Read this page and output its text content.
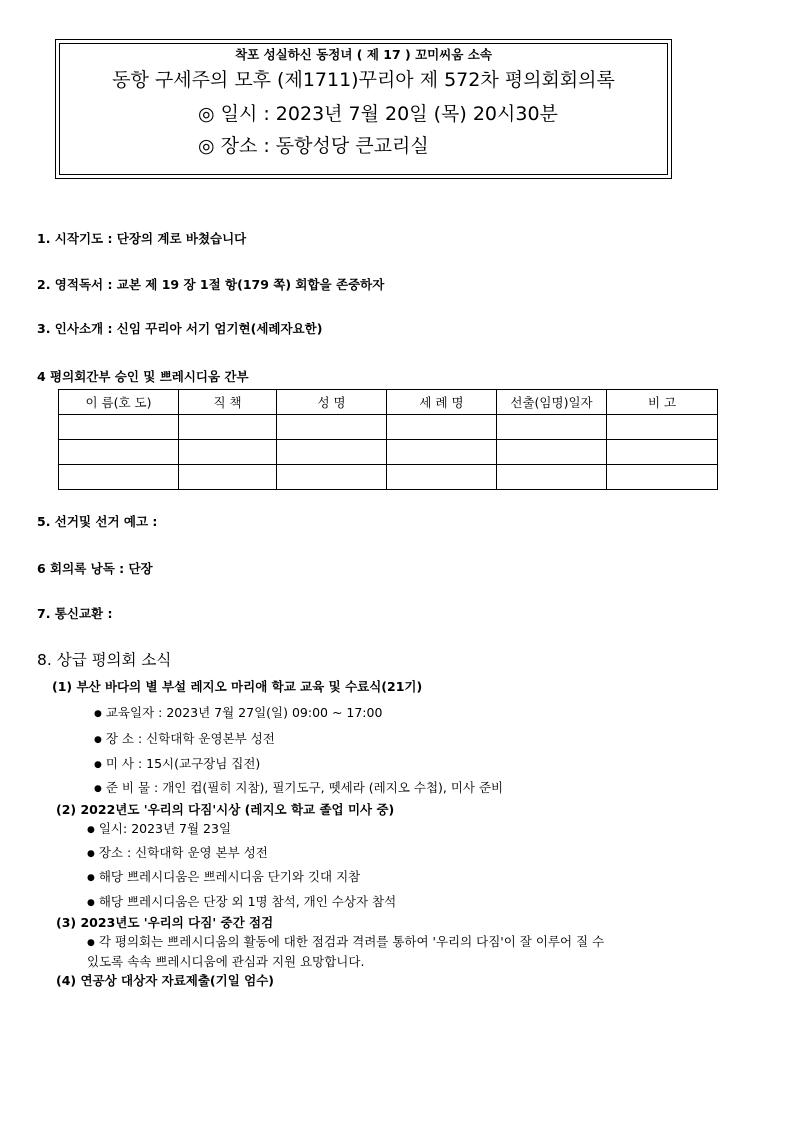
착포 성실하신 동정녀 ( 제 17 ) 꼬미씨움 소속
동항 구세주의 모후 (제1711)꾸리아 제 572차 평의회회의록
◎ 일시 : 2023년 7월 20일 (목) 20시30분
◎ 장소 : 동항성당 큰교리실
1. 시작기도 : 단장의 계로 바쳤습니다
2. 영적독서 : 교본 제 19 장 1절 항(179 쪽) 회합을 존중하자
3. 인사소개 : 신임 꾸리아 서기 엄기현(세례자요한)
4 평의회간부 승인 및 쁘레시디움 간부
이 름(호 도)	직 책	성 명	세 례 명	선출(임명)일자	비 고

5. 선거및 선거 예고 :
6 회의록 낭독 : 단장
7. 통신교환 :
8. 상급 평의회 소식
(1) 부산 바다의 별 부설 레지오 마리애 학교 교육 및 수료식(21기)
● 교육일자 : 2023년 7월 27일(일) 09:00 ~ 17:00
● 장 소 : 신학대학 운영본부 성전
● 미 사 : 15시(교구장님 집전)
● 준 비 물 : 개인 컵(필히 지참), 필기도구, 뗏세라 (레지오 수첩), 미사 준비
(2) 2022년도 '우리의 다짐'시상 (레지오 학교 졸업 미사 중)
● 일시: 2023년 7월 23일
● 장소 : 신학대학 운영 본부 성전
● 해당 쁘레시디움은 쁘레시디움 단기와 깃대 지참
● 해당 쁘레시디움은 단장 외 1명 참석, 개인 수상자 참석
(3) 2023년도 '우리의 다짐' 중간 점검
● 각 평의회는 쁘레시디움의 활동에 대한 점검과 격려를 통하여 '우리의 다짐'이 잘 이루어 질 수
있도록 속속 쁘레시디움에 관심과 지원 요망합니다.
(4) 연공상 대상자 자료제출(기일 엄수)
